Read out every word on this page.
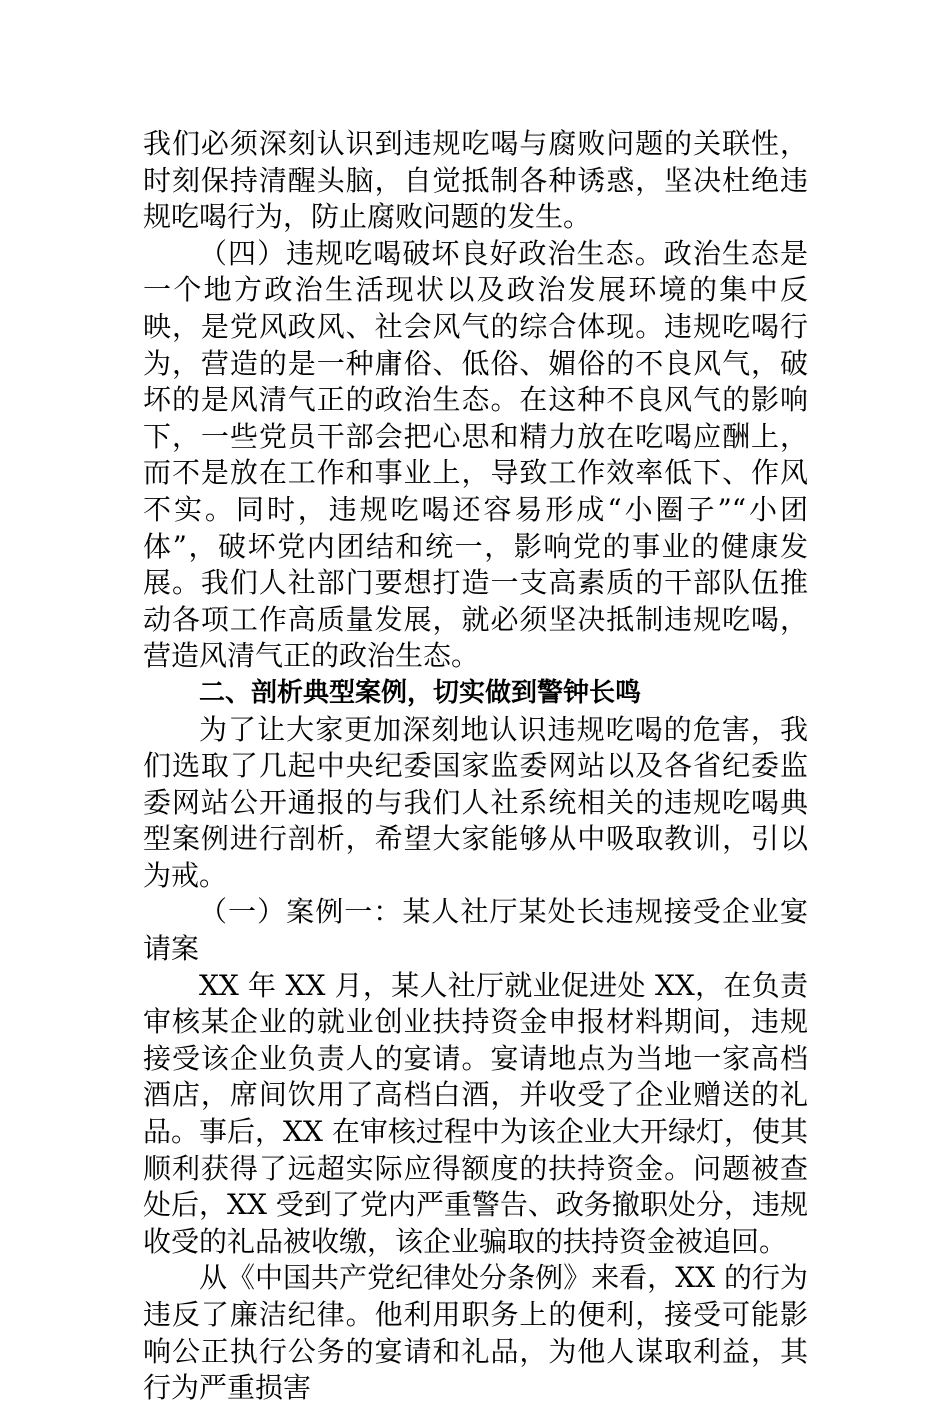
我们必须深刻认识到违规吃喝与腐败问题的关联性，时刻保持清醒头脑，自觉抵制各种诱惑，坚决杜绝违规吃喝行为，防止腐败问题的发生。

（四）违规吃喝破坏良好政治生态。政治生态是一个地方政治生活现状以及政治发展环境的集中反映，是党风政风、社会风气的综合体现。违规吃喝行为，营造的是一种庸俗、低俗、媚俗的不良风气，破坏的是风清气正的政治生态。在这种不良风气的影响下，一些党员干部会把心思和精力放在吃喝应酬上，而不是放在工作和事业上，导致工作效率低下、作风不实。同时，违规吃喝还容易形成“小圈子”“小团体”，破坏党内团结和统一，影响党的事业的健康发展。我们人社部门要想打造一支高素质的干部队伍推动各项工作高质量发展，就必须坚决抵制违规吃喝，营造风清气正的政治生态。

二、剖析典型案例，切实做到警钟长鸣

为了让大家更加深刻地认识违规吃喝的危害，我们选取了几起中央纪委国家监委网站以及各省纪委监委网站公开通报的与我们人社系统相关的违规吃喝典型案例进行剖析，希望大家能够从中吸取教训，引以为戒。

（一）案例一：某人社厅某处长违规接受企业宴请案

XX 年 XX 月，某人社厅就业促进处 XX，在负责审核某企业的就业创业扶持资金申报材料期间，违规接受该企业负责人的宴请。宴请地点为当地一家高档酒店，席间饮用了高档白酒，并收受了企业赠送的礼品。事后，XX 在审核过程中为该企业大开绿灯，使其顺利获得了远超实际应得额度的扶持资金。问题被查处后，XX 受到了党内严重警告、政务撤职处分，违规收受的礼品被收缴，该企业骗取的扶持资金被追回。

从《中国共产党纪律处分条例》来看，XX 的行为违反了廉洁纪律。他利用职务上的便利，接受可能影响公正执行公务的宴请和礼品，为他人谋取利益，其行为严重损害
